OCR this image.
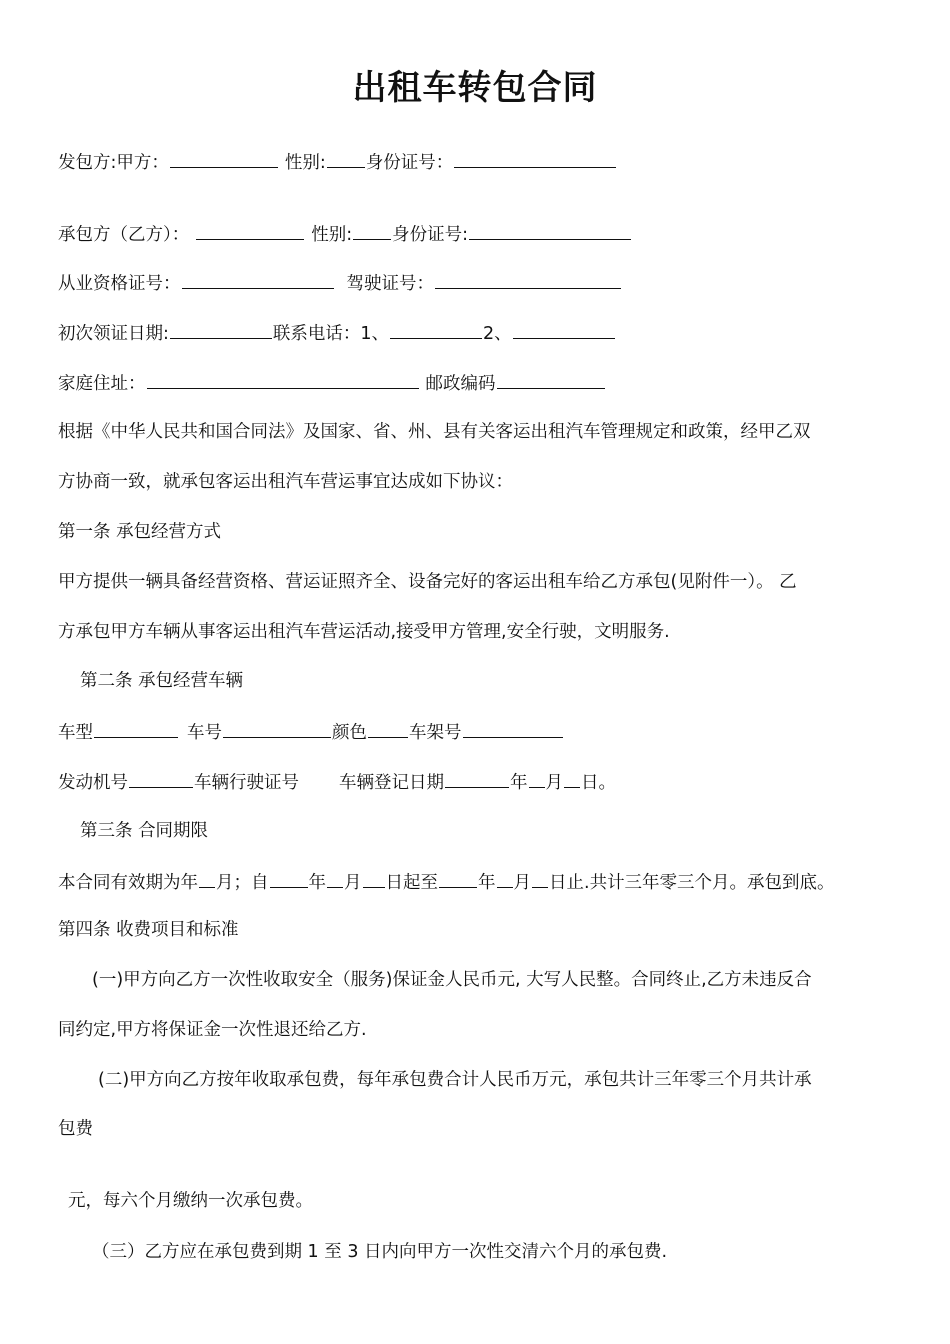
出租车转包合同
发包方:甲方：	性别: 身份证号：
承包方（乙方）：	性别: 身份证号:
从业资格证号：	驾驶证号：
初次领证日期:	联系电话：1、	2、
家庭住址：	邮政编码
根据《中华人民共和国合同法》及国家、省、州、县有关客运出租汽车管理规定和政策，经甲乙双
方协商一致，就承包客运出租汽车营运事宜达成如下协议：
第一条 承包经营方式
甲方提供一辆具备经营资格、营运证照齐全、设备完好的客运出租车给乙方承包(见附件一）。 乙
方承包甲方车辆从事客运出租汽车营运活动,接受甲方管理,安全行驶，文明服务.
第二条 承包经营车辆
车型	车号	颜色 车架号
发动机号	车辆行驶证号 车辆登记日期	年 月 日。
第三条 合同期限
本合同有效期为年 月；自 年 月 日起至 年 月 日止.共计三年零三个月。承包到底。
第四条 收费项目和标准
(一)甲方向乙方一次性收取安全（服务)保证金人民币元, 大写人民整。合同终止,乙方未违反合
同约定,甲方将保证金一次性退还给乙方.
(二)甲方向乙方按年收取承包费，每年承包费合计人民币万元，承包共计三年零三个月共计承
包费
元，每六个月缴纳一次承包费。
（三）乙方应在承包费到期 1 至 3 日内向甲方一次性交清六个月的承包费.
